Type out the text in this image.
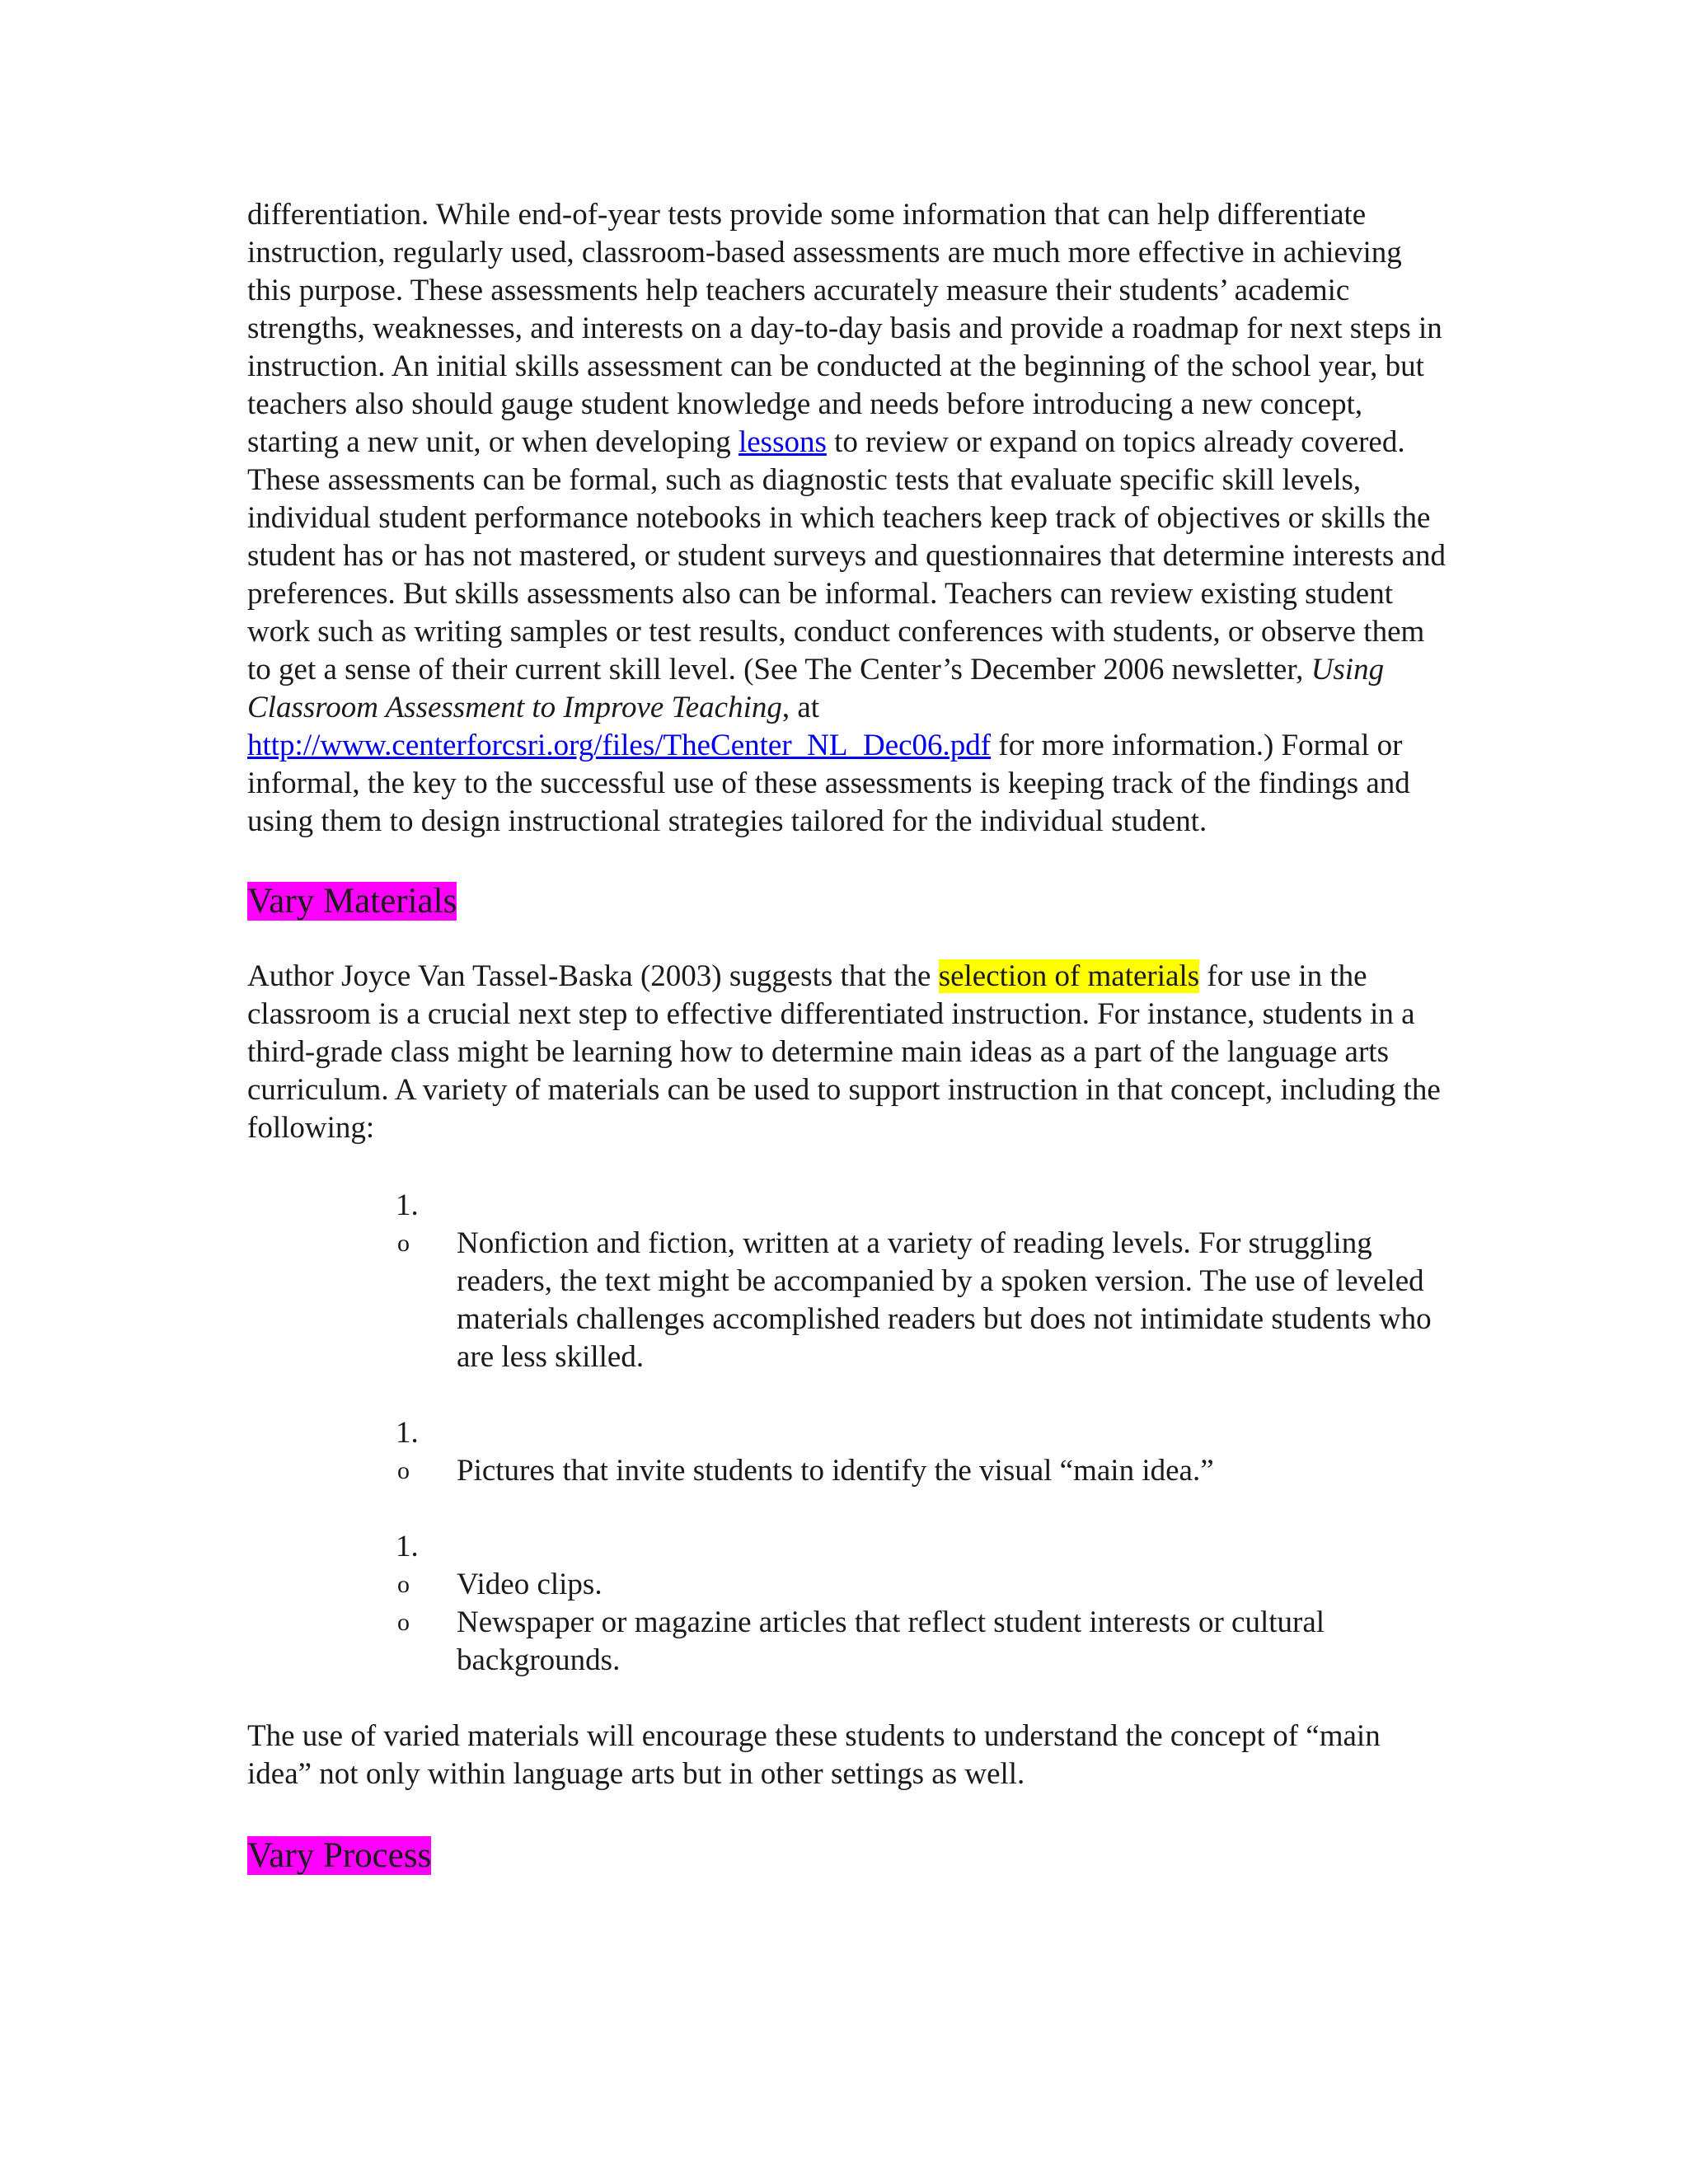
differentiation. While end-of-year tests provide some information that can help differentiate instruction, regularly used, classroom-based assessments are much more effective in achieving this purpose. These assessments help teachers accurately measure their students’ academic strengths, weaknesses, and interests on a day-to-day basis and provide a roadmap for next steps in instruction. An initial skills assessment can be conducted at the beginning of the school year, but teachers also should gauge student knowledge and needs before introducing a new concept, starting a new unit, or when developing lessons to review or expand on topics already covered. These assessments can be formal, such as diagnostic tests that evaluate specific skill levels, individual student performance notebooks in which teachers keep track of objectives or skills the student has or has not mastered, or student surveys and questionnaires that determine interests and preferences. But skills assessments also can be informal. Teachers can review existing student work such as writing samples or test results, conduct conferences with students, or observe them to get a sense of their current skill level. (See The Center’s December 2006 newsletter, Using Classroom Assessment to Improve Teaching, at http://www.centerforcsri.org/files/TheCenter_NL_Dec06.pdf for more information.) Formal or informal, the key to the successful use of these assessments is keeping track of the findings and using them to design instructional strategies tailored for the individual student.

Vary Materials

Author Joyce Van Tassel-Baska (2003) suggests that the selection of materials for use in the classroom is a crucial next step to effective differentiated instruction. For instance, students in a third-grade class might be learning how to determine main ideas as a part of the language arts curriculum. A variety of materials can be used to support instruction in that concept, including the following:

1.
o	Nonfiction and fiction, written at a variety of reading levels. For struggling readers, the text might be accompanied by a spoken version. The use of leveled materials challenges accomplished readers but does not intimidate students who are less skilled.
1.
o	Pictures that invite students to identify the visual “main idea.”
1.
o	Video clips.
o	Newspaper or magazine articles that reflect student interests or cultural backgrounds.

The use of varied materials will encourage these students to understand the concept of “main idea” not only within language arts but in other settings as well.

Vary Process
